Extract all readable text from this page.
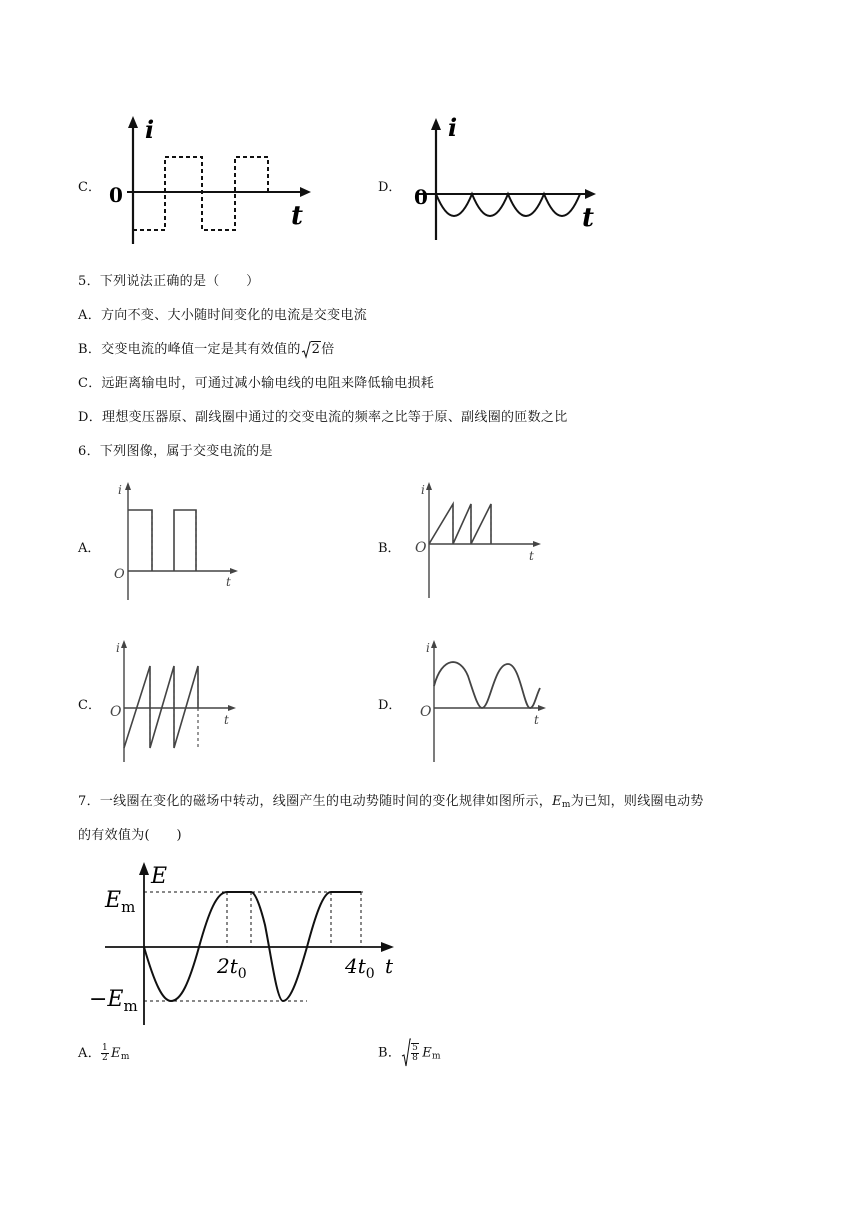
C．
i
t
0	D．
i
t
0
5．下列说法正确的是（　　）
A．方向不变、大小随时间变化的电流是交变电流
B．交变电流的峰值一定是其有效值的 2倍
C．远距离输电时，可通过减小输电线的电阻来降低输电损耗
D．理想变压器原、副线圈中通过的交变电流的频率之比等于原、副线圈的匝数之比
6．下列图像，属于交变电流的是
A．
i
t
O
B．
i
t
O
C．
i
t
O	D．
i
t
O
7．一线圈在变化的磁场中转动，线圈产生的电动势随时间的变化规律如图所示，$E_m$为已知，则线圈电动势
的有效值为(　　)
E
t
$E_m$
$-E_m$
$2t_0$	$4t_0$
A． $\frac{1}{2} E_m$	B． $\frac{5}{8} E_m$
